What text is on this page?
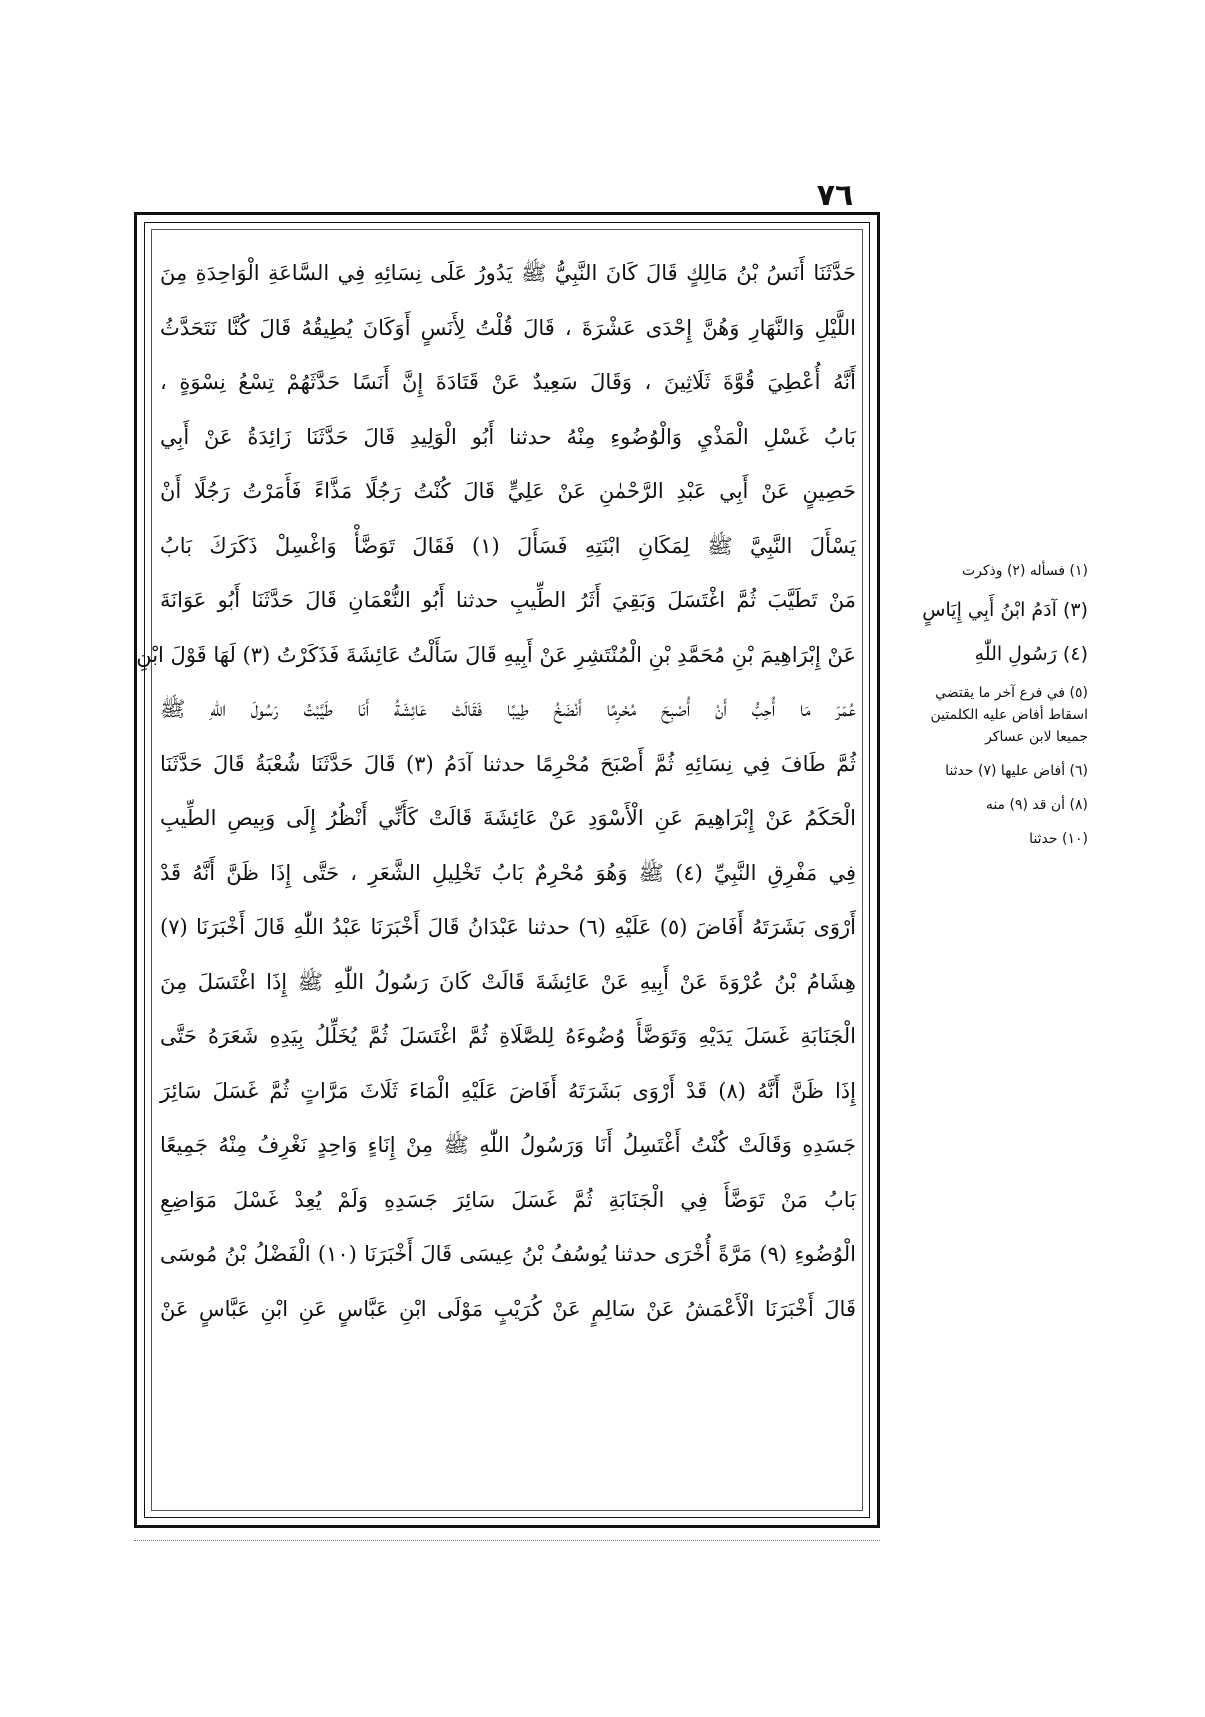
٧٦
حَدَّثَنَا أَنَسُ بْنُ مَالِكٍ قَالَ كَانَ النَّبِيُّ ﷺ يَدُورُ عَلَى نِسَائِهِ فِي السَّاعَةِ الْوَاحِدَةِ مِنَ
اللَّيْلِ وَالنَّهَارِ وَهُنَّ إِحْدَى عَشْرَةَ ، قَالَ قُلْتُ لِأَنَسٍ أَوَكَانَ يُطِيقُهُ قَالَ كُنَّا نَتَحَدَّثُ
أَنَّهُ أُعْطِيَ قُوَّةَ ثَلَاثِينَ ، وَقَالَ سَعِيدٌ عَنْ قَتَادَةَ إِنَّ أَنَسًا حَدَّثَهُمْ تِسْعُ نِسْوَةٍ ،
بَابُ غَسْلِ الْمَذْيِ وَالْوُضُوءِ مِنْهُ حدثنا أَبُو الْوَلِيدِ قَالَ حَدَّثَنَا زَائِدَةُ عَنْ أَبِي
حَصِينٍ عَنْ أَبِي عَبْدِ الرَّحْمٰنِ عَنْ عَلِيٍّ قَالَ كُنْتُ رَجُلًا مَذَّاءً فَأَمَرْتُ رَجُلًا أَنْ
يَسْأَلَ النَّبِيَّ ﷺ لِمَكَانِ ابْنَتِهِ فَسَأَلَ (١) فَقَالَ تَوَضَّأْ وَاغْسِلْ ذَكَرَكَ بَابُ
مَنْ تَطَيَّبَ ثُمَّ اغْتَسَلَ وَبَقِيَ أَثَرُ الطِّيبِ حدثنا أَبُو النُّعْمَانِ قَالَ حَدَّثَنَا أَبُو عَوَانَةَ
عَنْ إِبْرَاهِيمَ بْنِ مُحَمَّدِ بْنِ الْمُنْتَشِرِ عَنْ أَبِيهِ قَالَ سَأَلْتُ عَائِشَةَ فَذَكَرْتُ (٣) لَهَا قَوْلَ ابْنِ
عُمَرَ مَا أُحِبُّ أَنْ أُصْبِحَ مُحْرِمًا أَنْضَخُ طِيبًا فَقَالَتْ عَائِشَةُ أَنَا طَيَّبْتُ رَسُولَ اللّٰهِ ﷺ
ثُمَّ طَافَ فِي نِسَائِهِ ثُمَّ أَصْبَحَ مُحْرِمًا حدثنا آدَمُ (٣) قَالَ حَدَّثَنَا شُعْبَةُ قَالَ حَدَّثَنَا
الْحَكَمُ عَنْ إِبْرَاهِيمَ عَنِ الْأَسْوَدِ عَنْ عَائِشَةَ قَالَتْ كَأَنِّي أَنْظُرُ إِلَى وَبِيصِ الطِّيبِ
فِي مَفْرِقِ النَّبِيِّ (٤) ﷺ وَهُوَ مُحْرِمٌ بَابُ تَخْلِيلِ الشَّعَرِ ، حَتَّى إِذَا ظَنَّ أَنَّهُ قَدْ
أَرْوَى بَشَرَتَهُ أَفَاضَ (٥) عَلَيْهِ (٦) حدثنا عَبْدَانُ قَالَ أَخْبَرَنَا عَبْدُ اللّٰهِ قَالَ أَخْبَرَنَا (٧)
هِشَامُ بْنُ عُرْوَةَ عَنْ أَبِيهِ عَنْ عَائِشَةَ قَالَتْ كَانَ رَسُولُ اللّٰهِ ﷺ إِذَا اغْتَسَلَ مِنَ
الْجَنَابَةِ غَسَلَ يَدَيْهِ وَتَوَضَّأَ وُضُوءَهُ لِلصَّلَاةِ ثُمَّ اغْتَسَلَ ثُمَّ يُخَلِّلُ بِيَدِهِ شَعَرَهُ حَتَّى
إِذَا ظَنَّ أَنَّهُ (٨) قَدْ أَرْوَى بَشَرَتَهُ أَفَاضَ عَلَيْهِ الْمَاءَ ثَلَاثَ مَرَّاتٍ ثُمَّ غَسَلَ سَائِرَ
جَسَدِهِ وَقَالَتْ كُنْتُ أَغْتَسِلُ أَنَا وَرَسُولُ اللّٰهِ ﷺ مِنْ إِنَاءٍ وَاحِدٍ نَغْرِفُ مِنْهُ جَمِيعًا
بَابُ مَنْ تَوَضَّأَ فِي الْجَنَابَةِ ثُمَّ غَسَلَ سَائِرَ جَسَدِهِ وَلَمْ يُعِدْ غَسْلَ مَوَاضِعِ
الْوُضُوءِ (٩) مَرَّةً أُخْرَى حدثنا يُوسُفُ بْنُ عِيسَى قَالَ أَخْبَرَنَا (١٠) الْفَضْلُ بْنُ مُوسَى
قَالَ أَخْبَرَنَا الْأَعْمَشُ عَنْ سَالِمٍ عَنْ كُرَيْبٍ مَوْلَى ابْنِ عَبَّاسٍ عَنِ ابْنِ عَبَّاسٍ عَنْ
(١) فسأله (٢) وذكرت
(٣) آدَمُ ابْنُ أَبِي إِيَاسٍ
(٤) رَسُولِ اللّٰهِ
(٥) في فرع آخر ما يقتضي
اسقاط أفاض عليه الكلمتين
جميعا لابن عساكر
(٦) أفاض عليها (٧) حدثنا
(٨) أن قد (٩) منه
(١٠) حدثنا
